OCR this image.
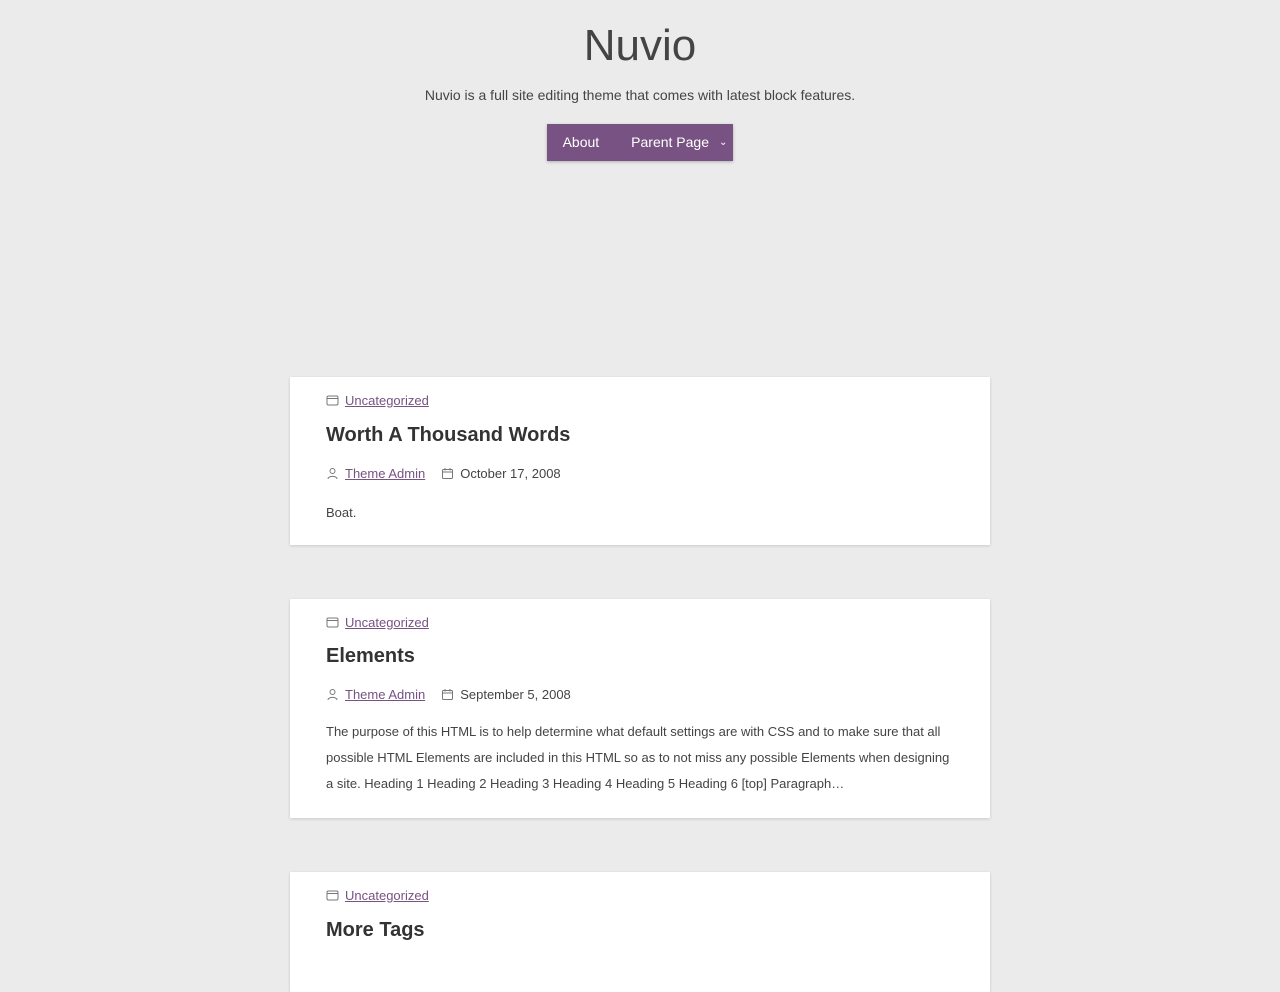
Nuvio
Nuvio is a full site editing theme that comes with latest block features.
About	Parent Page	⌄
Uncategorized
Worth A Thousand Words
Theme Admin	October 17, 2008
Boat.
Uncategorized
Elements
Theme Admin	September 5, 2008
The purpose of this HTML is to help determine what default settings are with CSS and to make sure that all possible HTML Elements are included in this HTML so as to not miss any possible Elements when designing a site. Heading 1 Heading 2 Heading 3 Heading 4 Heading 5 Heading 6 [top] Paragraph…
Uncategorized
More Tags
